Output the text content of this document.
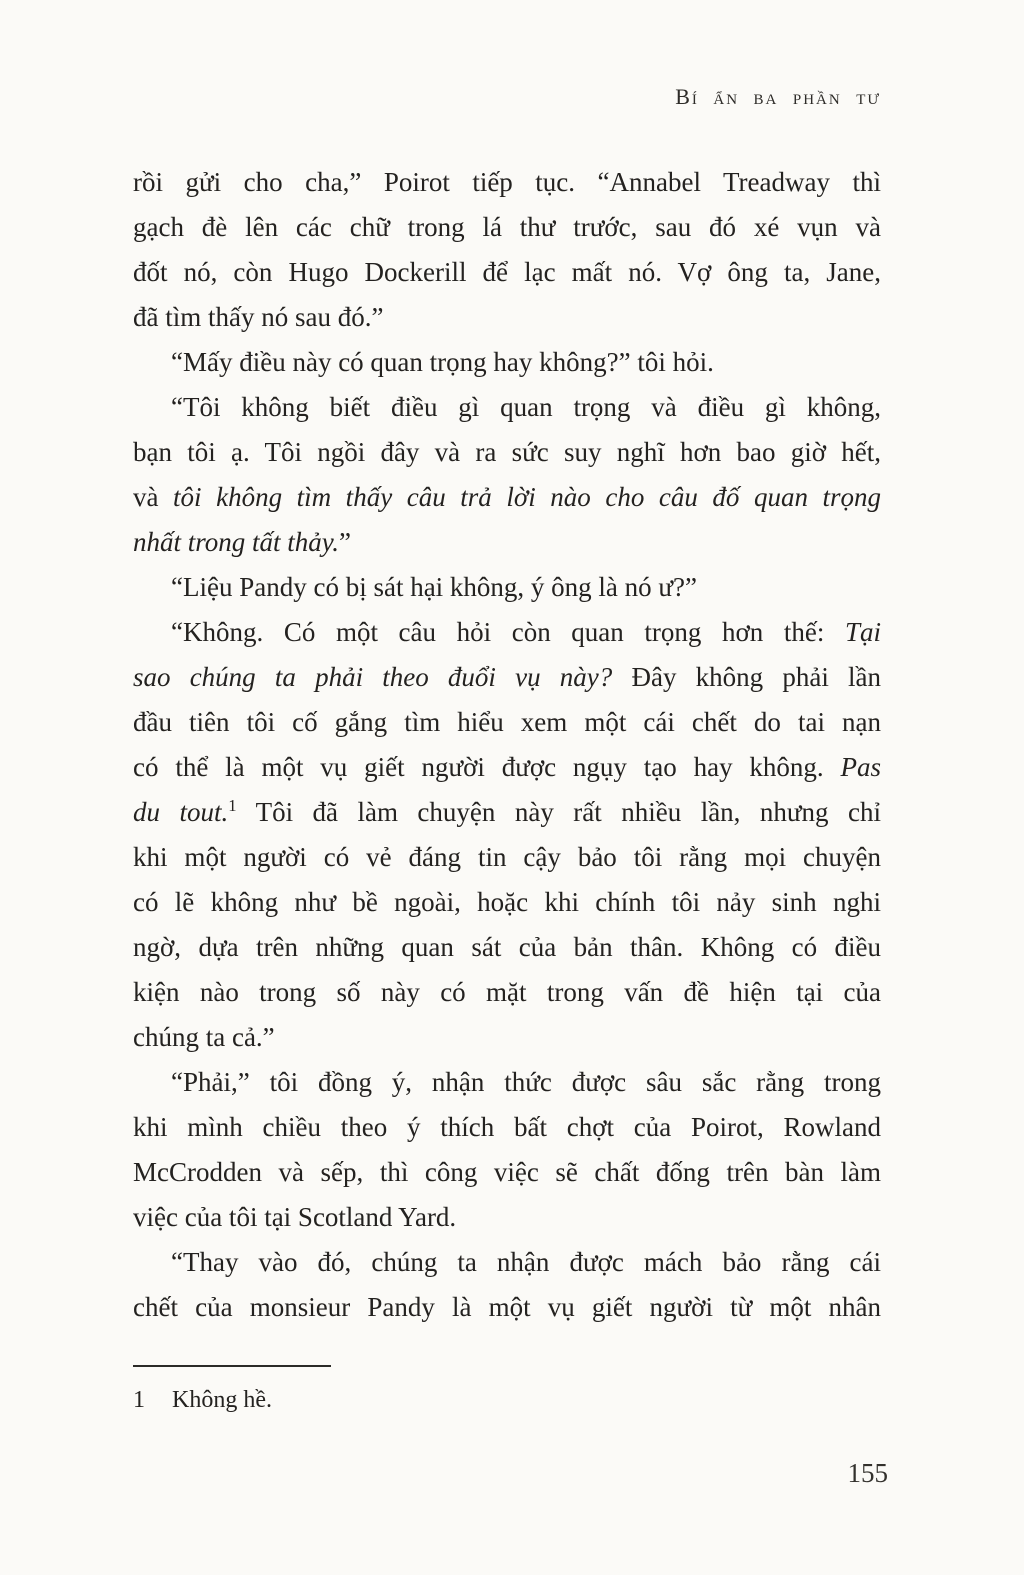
Bí ẩn ba phần tư
rồi gửi cho cha,” Poirot tiếp tục. “Annabel Treadway thì
gạch đè lên các chữ trong lá thư trước, sau đó xé vụn và
đốt nó, còn Hugo Dockerill để lạc mất nó. Vợ ông ta, Jane,
đã tìm thấy nó sau đó.”
“Mấy điều này có quan trọng hay không?” tôi hỏi.
“Tôi không biết điều gì quan trọng và điều gì không,
bạn tôi ạ. Tôi ngồi đây và ra sức suy nghĩ hơn bao giờ hết,
và tôi không tìm thấy câu trả lời nào cho câu đố quan trọng
nhất trong tất thảy.”
“Liệu Pandy có bị sát hại không, ý ông là nó ư?”
“Không. Có một câu hỏi còn quan trọng hơn thế: Tại
sao chúng ta phải theo đuổi vụ này? Đây không phải lần
đầu tiên tôi cố gắng tìm hiểu xem một cái chết do tai nạn
có thể là một vụ giết người được ngụy tạo hay không. Pas
du tout.$^1$ Tôi đã làm chuyện này rất nhiều lần, nhưng chỉ
khi một người có vẻ đáng tin cậy bảo tôi rằng mọi chuyện
có lẽ không như bề ngoài, hoặc khi chính tôi nảy sinh nghi
ngờ, dựa trên những quan sát của bản thân. Không có điều
kiện nào trong số này có mặt trong vấn đề hiện tại của
chúng ta cả.”
“Phải,” tôi đồng ý, nhận thức được sâu sắc rằng trong
khi mình chiều theo ý thích bất chợt của Poirot, Rowland
McCrodden và sếp, thì công việc sẽ chất đống trên bàn làm
việc của tôi tại Scotland Yard.
“Thay vào đó, chúng ta nhận được mách bảo rằng cái
chết của monsieur Pandy là một vụ giết người từ một nhân
1 Không hề.
155
